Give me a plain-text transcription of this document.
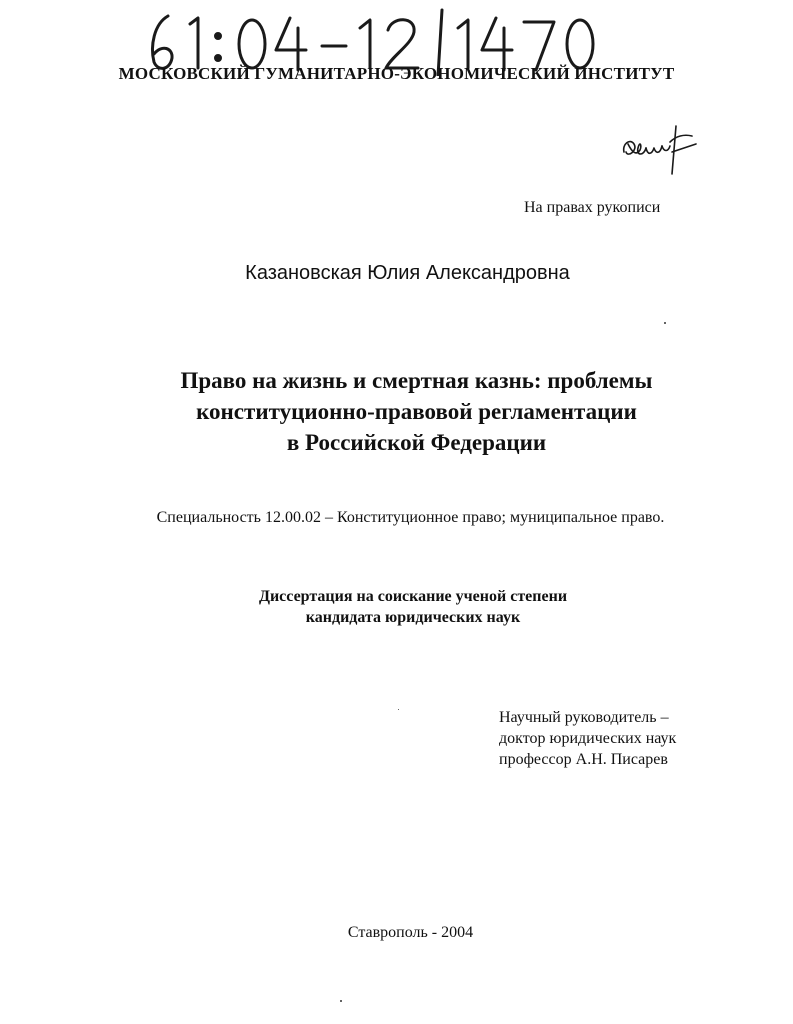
МОСКОВСКИЙ ГУМАНИТАРНО-ЭКОНОМИЧЕСКИЙ ИНСТИТУТ
На правах рукописи
Казановская Юлия Александровна
Право на жизнь и смертная казнь: проблемы
конституционно-правовой регламентации
в Российской Федерации
Специальность 12.00.02 – Конституционное право; муниципальное право.
Диссертация на соискание ученой степени
кандидата юридических наук
Научный руководитель –
доктор юридических наук
профессор А.Н. Писарев
Ставрополь - 2004
